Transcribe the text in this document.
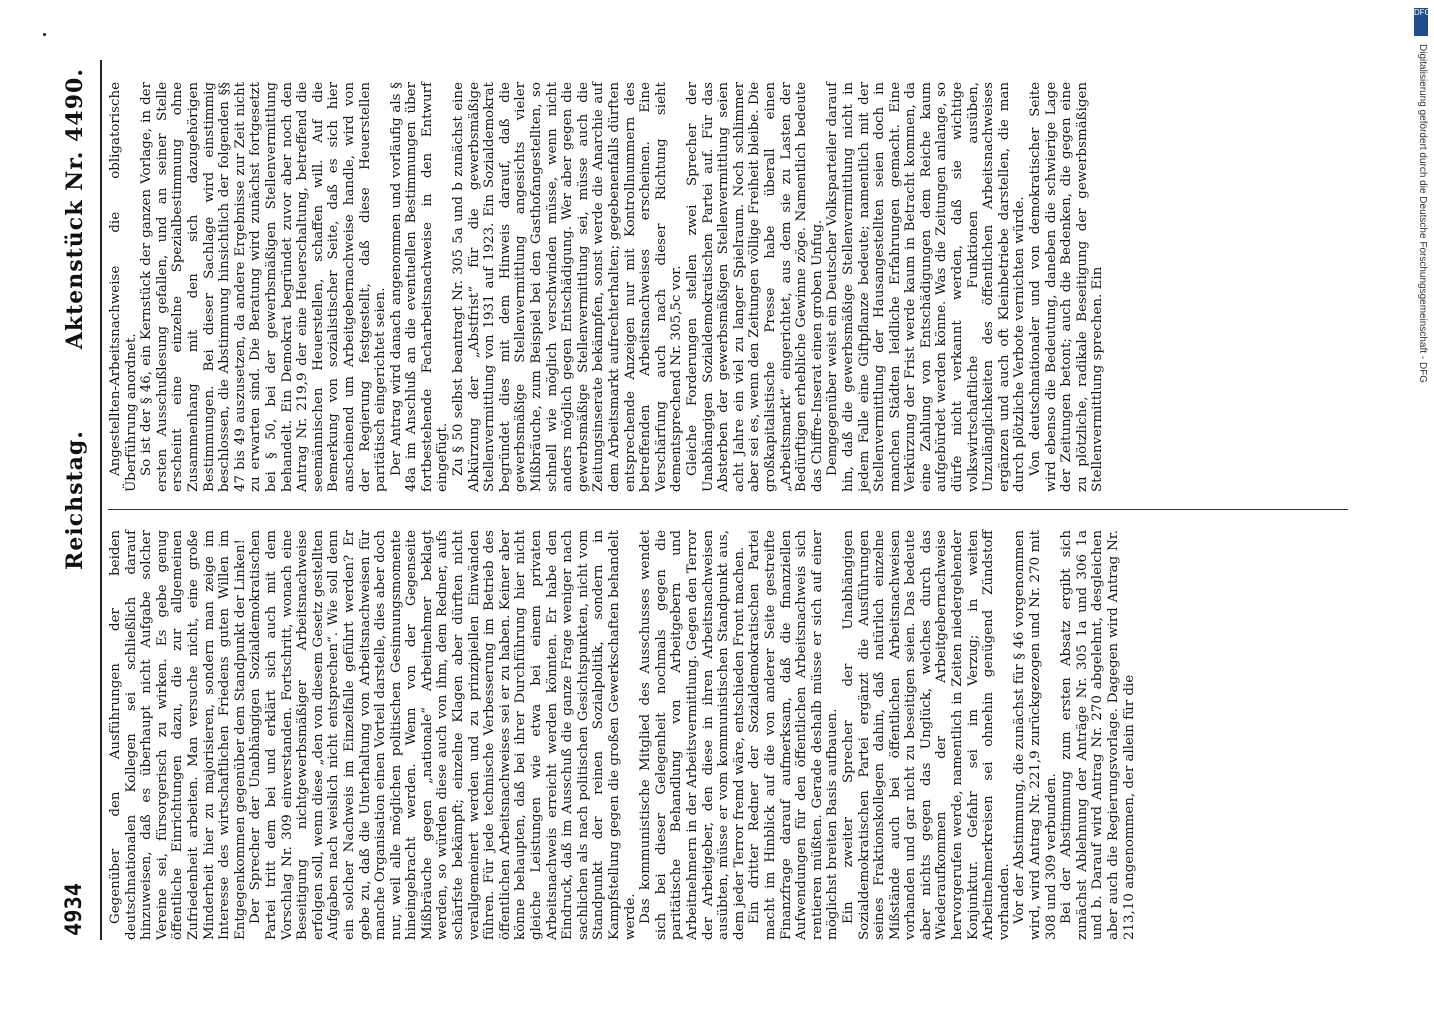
4934
Reichstag.
Aktenstück Nr. 4490.

Gegenüber den Ausführungen der beiden deutschnationalen Kollegen sei schließlich darauf hinzuweisen, daß es überhaupt nicht Aufgabe solcher Vereine sei, fürsorgerisch zu wirken. Es gebe genug öffentliche Einrichtungen dazu, die zur allgemeinen Zufriedenheit arbeiten. Man versuche nicht, eine große Minderheit hier zu majorisieren, sondern man zeige im Interesse des wirtschaftlichen Friedens guten Willen im Entgegenkommen gegenüber dem Standpunkt der Linken! Der Sprecher der Unabhängigen Sozialdemokratischen Partei tritt dem bei und erklärt sich auch mit dem Vorschlag Nr. 309 einverstanden. Fortschritt, wonach eine Beseitigung nichtgewerbsmäßiger Arbeitsnachweise erfolgen soll, wenn diese „den von diesem Gesetz gestellten Aufgaben nach weislich nicht entsprechen“. Wie soll denn ein solcher Nachweis im Einzelfalle geführt werden? Er gebe zu, daß die Unterhaltung von Arbeitsnachweisen für manche Organisation einen Vorteil darstelle, dies aber doch nur, weil alle möglichen politischen Gesinnungsmomente hineingebracht werden. Wenn von der Gegenseite Mißbräuche gegen „nationale“ Arbeitnehmer beklagt werden, so würden diese auch von ihm, dem Redner, aufs schärfste bekämpft; einzelne Klagen aber dürften nicht verallgemeinert werden und zu prinzipiellen Einwänden führen. Für jede technische Verbesserung im Betrieb des öffentlichen Arbeitsnachweises sei er zu haben. Keiner aber könne behaupten, daß bei ihrer Durchführung hier nicht gleiche Leistungen wie etwa bei einem privaten Arbeitsnachweis erreicht werden könnten. Er habe den Eindruck, daß im Ausschuß die ganze Frage weniger nach sachlichen als nach politischen Gesichtspunkten, nicht vom Standpunkt der reinen Sozialpolitik, sondern in Kampfstellung gegen die großen Gewerkschaften behandelt werde. Das kommunistische Mitglied des Ausschusses wendet sich bei dieser Gelegenheit nochmals gegen die paritätische Behandlung von Arbeitgebern und Arbeitnehmern in der Arbeitsvermittlung. Gegen den Terror der Arbeitgeber, den diese in ihren Arbeitsnachweisen ausübten, müsse er vom kommunistischen Standpunkt aus, dem jeder Terror fremd wäre, entschieden Front machen. Ein dritter Redner der Sozialdemokratischen Partei macht im Hinblick auf die von anderer Seite gestreifte Finanzfrage darauf aufmerksam, daß die finanziellen Aufwendungen für den öffentlichen Arbeitsnachweis sich rentieren müßten. Gerade deshalb müsse er sich auf einer möglichst breiten Basis aufbauen. Ein zweiter Sprecher der Unabhängigen Sozialdemokratischen Partei ergänzt die Ausführungen seines Fraktionskollegen dahin, daß natürlich einzelne Mißstände auch bei öffentlichen Arbeitsnachweisen vorhanden und gar nicht zu beseitigen seien. Das bedeute aber nichts gegen das Unglück, welches durch das Wiederaufkommen der Arbeitgebernachweise hervorgerufen werde, namentlich in Zeiten niedergehender Konjunktur. Gefahr sei im Verzug; in weiten Arbeitnehmerkreisen sei ohnehin genügend Zündstoff vorhanden. Vor der Abstimmung, die zunächst für § 46 vorgenommen wird, wird Antrag Nr. 221,9 zurückgezogen und Nr. 270 mit 308 und 309 verbunden. Bei der Abstimmung zum ersten Absatz ergibt sich zunächst Ablehnung der Anträge Nr. 305 1a und 306 1a und b. Darauf wird Antrag Nr. 270 abgelehnt, desgleichen aber auch die Regierungsvorlage. Dagegen wird Antrag Nr. 213,10 angenommen, der allein für die

Angestellten-Arbeitsnachweise die obligatorische Überführung anordnet. So ist der § 46, ein Kernstück der ganzen Vorlage, in der ersten Ausschußlesung gefallen, und an seiner Stelle erscheint eine einzelne Spezialbestimmung ohne Zusammenhang mit den sich dazugehörigen Bestimmungen. Bei dieser Sachlage wird einstimmig beschlossen, die Abstimmung hinsichtlich der folgenden §§ 47 bis 49 auszusetzen, da andere Ergebnisse zur Zeit nicht zu erwarten sind. Die Beratung wird zunächst fortgesetzt bei § 50, bei der gewerbsmäßigen Stellenvermittlung behandelt. Ein Demokrat begründet zuvor aber noch den Antrag Nr. 219,9 der eine Heuerschaltung, betreffend die seemännischen Heuerstellen, schaffen will. Auf die Bemerkung von sozialistischer Seite, daß es sich hier anscheinend um Arbeitgebernachweise handle, wird von der Regierung festgestellt, daß diese Heuerstellen paritätisch eingerichtet seien. Der Antrag wird danach angenommen und vorläufig als § 48a im Anschluß an die eventuellen Bestimmungen über fortbestehende Facharbeitsnachweise in den Entwurf eingefügt. Zu § 50 selbst beantragt Nr. 305 5a und b zunächst eine Abkürzung der „Abstfrist“ für die gewerbsmäßige Stellenvermittlung von 1931 auf 1923. Ein Sozialdemokrat begründet dies mit dem Hinweis darauf, daß die gewerbsmäßige Stellenvermittlung angesichts vieler Mißbräuche, zum Beispiel bei den Gasthofangestellten, so schnell wie möglich verschwinden müsse, wenn nicht anders möglich gegen Entschädigung. Wer aber gegen die gewerbsmäßige Stellenvermittlung sei, müsse auch die Zeitungsinserate bekämpfen, sonst werde die Anarchie auf dem Arbeitsmarkt aufrechterhalten; gegebenenfalls dürften entsprechende Anzeigen nur mit Kontrollnummern des betreffenden Arbeitsnachweises erscheinen. Eine Verschärfung auch nach dieser Richtung sieht dementsprechend Nr. 305,5c vor. Gleiche Forderungen stellen zwei Sprecher der Unabhängigen Sozialdemokratischen Partei auf. Für das Absterben der gewerbsmäßigen Stellenvermittlung seien acht Jahre ein viel zu langer Spielraum. Noch schlimmer aber sei es, wenn den Zeitungen völlige Freiheit bleibe. Die großkapitalistische Presse habe überall einen „Arbeitsmarkt“ eingerichtet, aus dem sie zu Lasten der Bedürftigen erhebliche Gewinne zöge. Namentlich bedeute das Chiffre-Inserat einen groben Unfug. Demgegenüber weist ein Deutscher Volksparteiler darauf hin, daß die gewerbsmäßige Stellenvermittlung nicht in jedem Falle eine Giftpflanze bedeute; namentlich mit der Stellenvermittlung der Hausangestellten seien doch in manchen Städten leidliche Erfahrungen gemacht. Eine Verkürzung der Frist werde kaum in Betracht kommen, da eine Zahlung von Entschädigungen dem Reiche kaum aufgebürdet werden könne. Was die Zeitungen anlange, so dürfe nicht verkannt werden, daß sie wichtige volkswirtschaftliche Funktionen ausüben, Unzulänglichkeiten des öffentlichen Arbeitsnachweises ergänzen und auch oft Kleinbetriebe darstellen, die man durch plötzliche Verbote vernichten würde. Von deutschnationaler und von demokratischer Seite wird ebenso die Bedeutung, daneben die schwierige Lage der Zeitungen betont; auch die Bedenken, die gegen eine zu plötzliche, radikale Beseitigung der gewerbsmäßigen Stellenvermittlung sprechen. Ein

DFG
Digitalisierung gefördert durch die Deutsche Forschungsgemeinschaft - DFG
